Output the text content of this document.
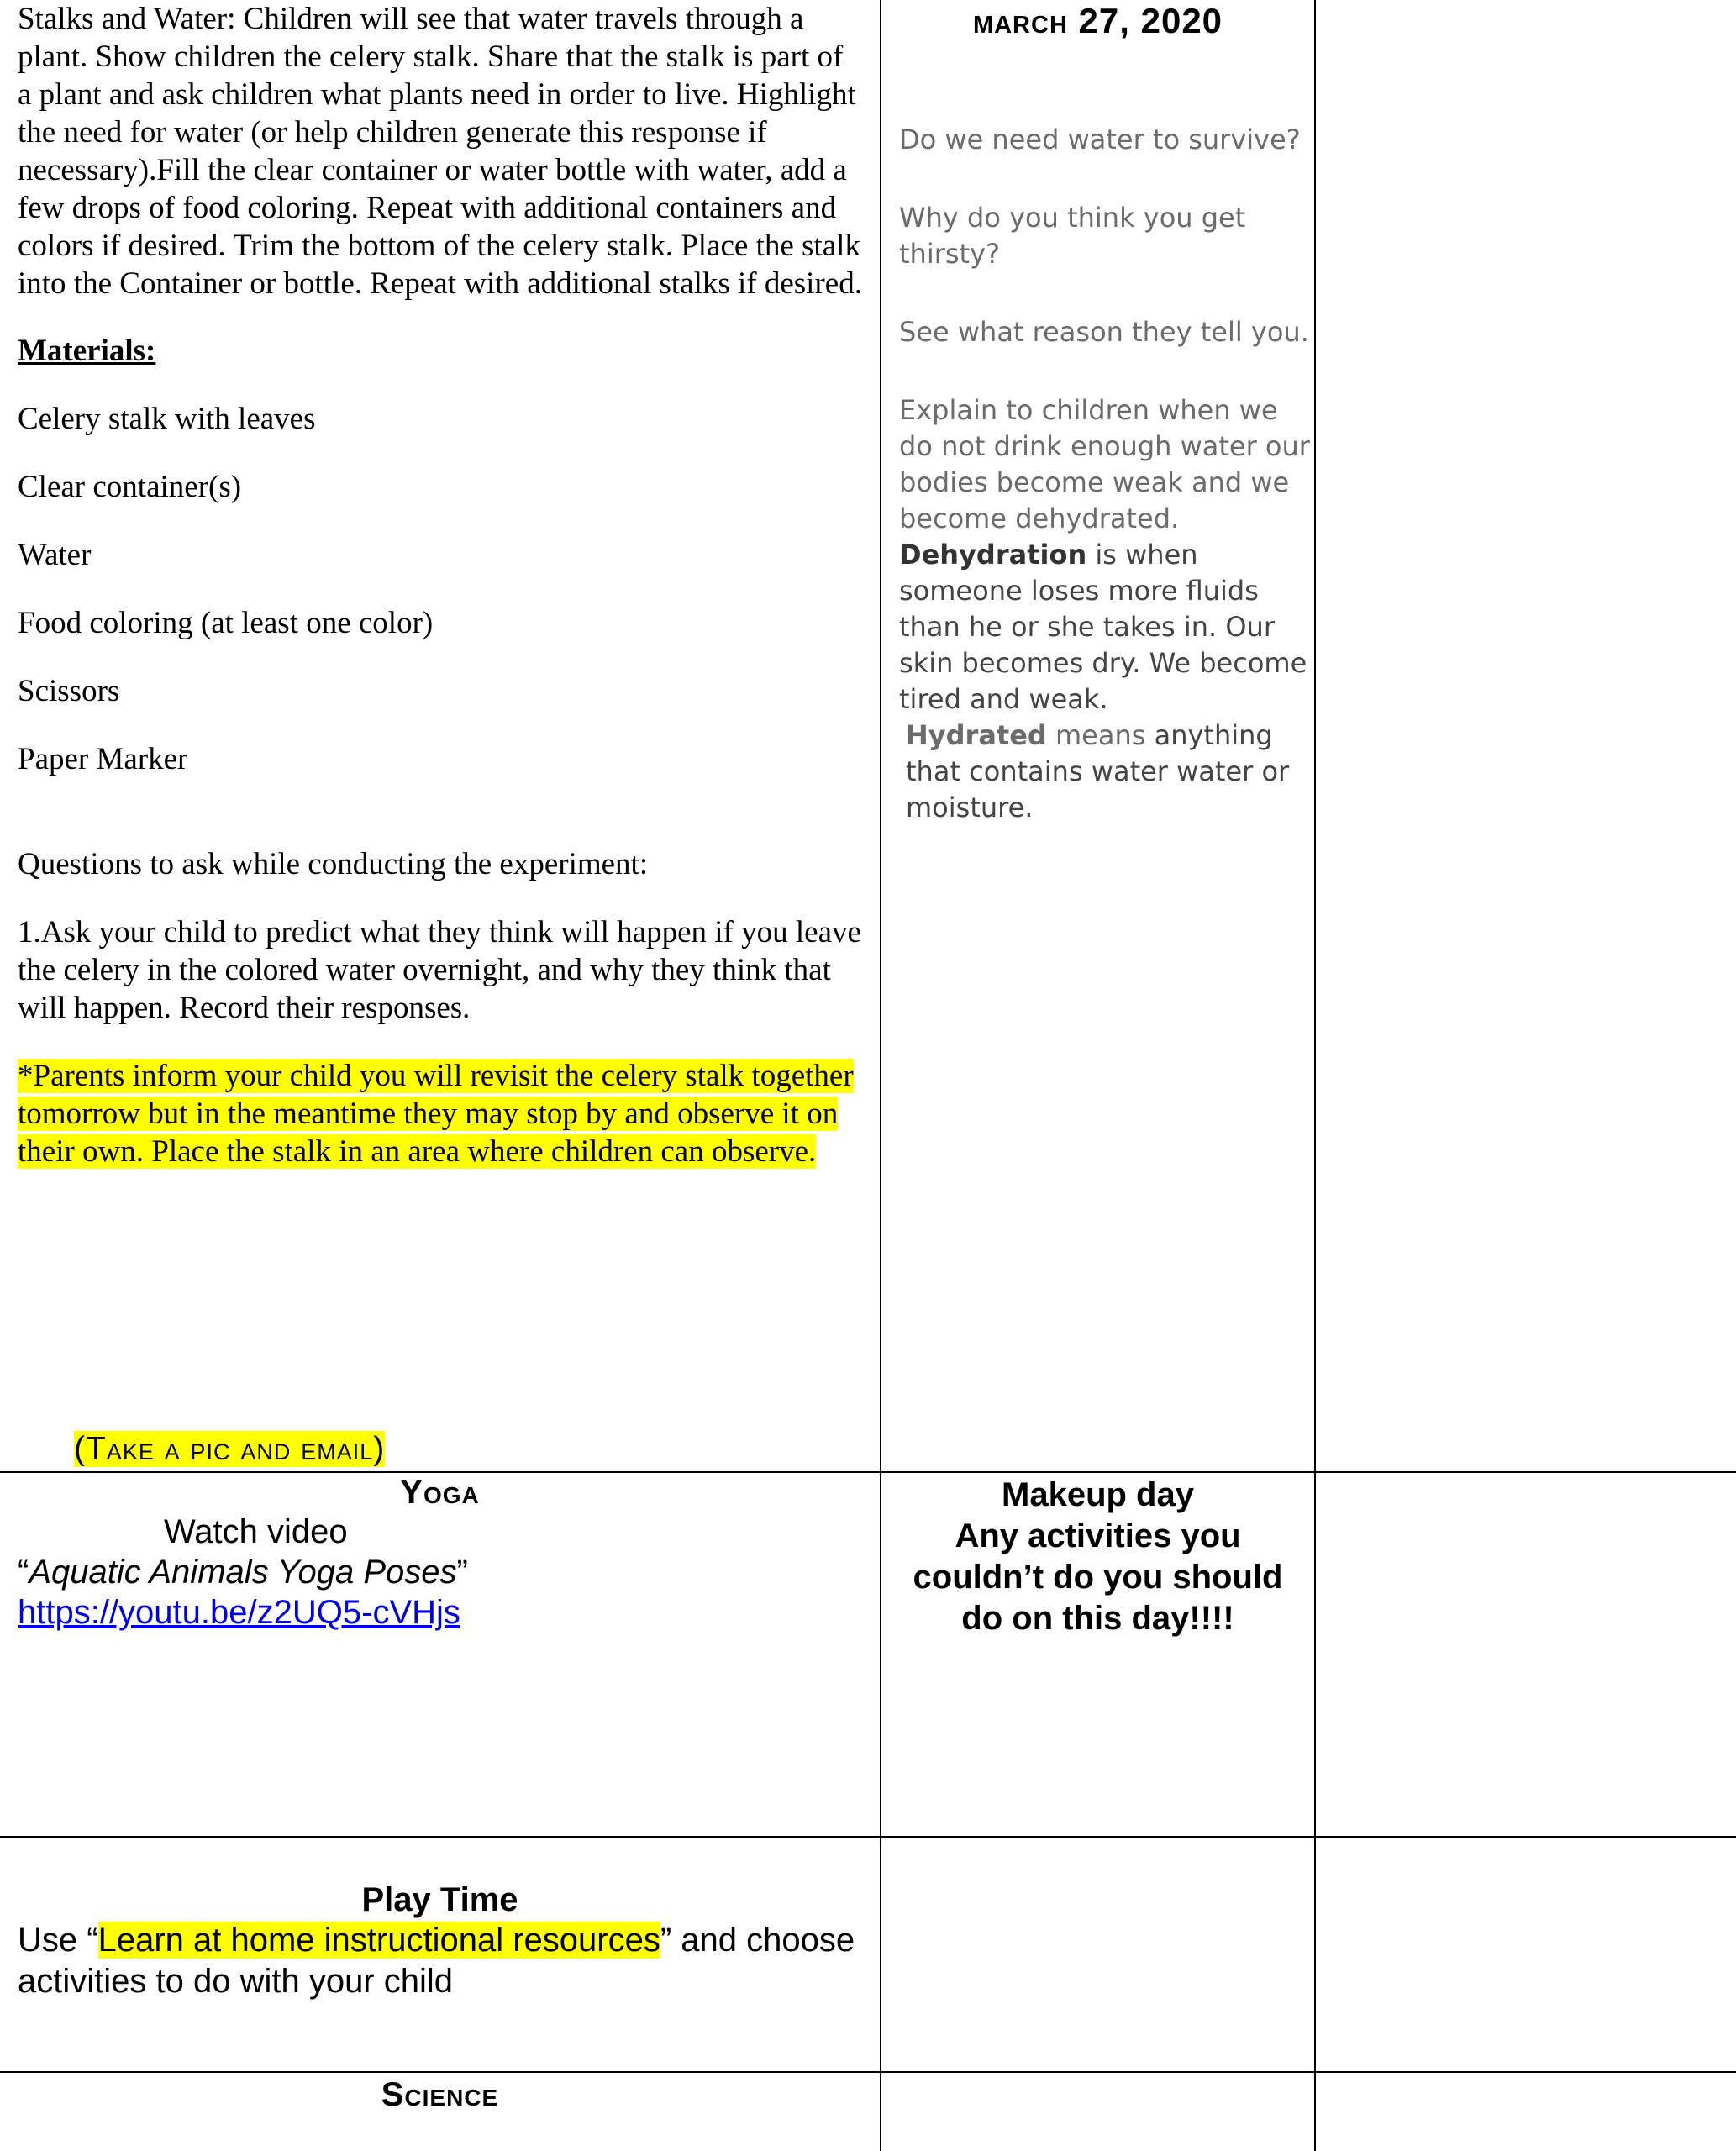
Stalks and Water: Children will see that water travels through a plant. Show children the celery stalk. Share that the stalk is part of a plant and ask children what plants need in order to live. Highlight the need for water (or help children generate this response if necessary).Fill the clear container or water bottle with water, add a few drops of food coloring. Repeat with additional containers and colors if desired. Trim the bottom of the celery stalk. Place the stalk into the Container or bottle. Repeat with additional stalks if desired.

Materials:

Celery stalk with leaves

Clear container(s)

Water

Food coloring (at least one color)

Scissors

Paper Marker

Questions to ask while conducting the experiment:

1.Ask your child to predict what they think will happen if you leave the celery in the colored water overnight, and why they think that will happen. Record their responses.

*Parents inform your child you will revisit the celery stalk together tomorrow but in the meantime they may stop by and observe it on their own. Place the stalk in an area where children can observe.

(Take a pic and email)
march 27, 2020

Do we need water to survive?

Why do you think you get thirsty?

See what reason they tell you.

Explain to children when we do not drink enough water our bodies become weak and we become dehydrated.

Dehydration is when someone loses more fluids than he or she takes in. Our skin becomes dry. We become tired and weak.

Hydrated means anything that contains water water or moisture.

Yoga
Watch video
“Aquatic Animals Yoga Poses”
https://youtu.be/z2UQ5-cVHjs

Makeup day

Any activities you couldn’t do you should do on this day!!!!

Play Time
Use “Learn at home instructional resources” and choose activities to do with your child
Science
